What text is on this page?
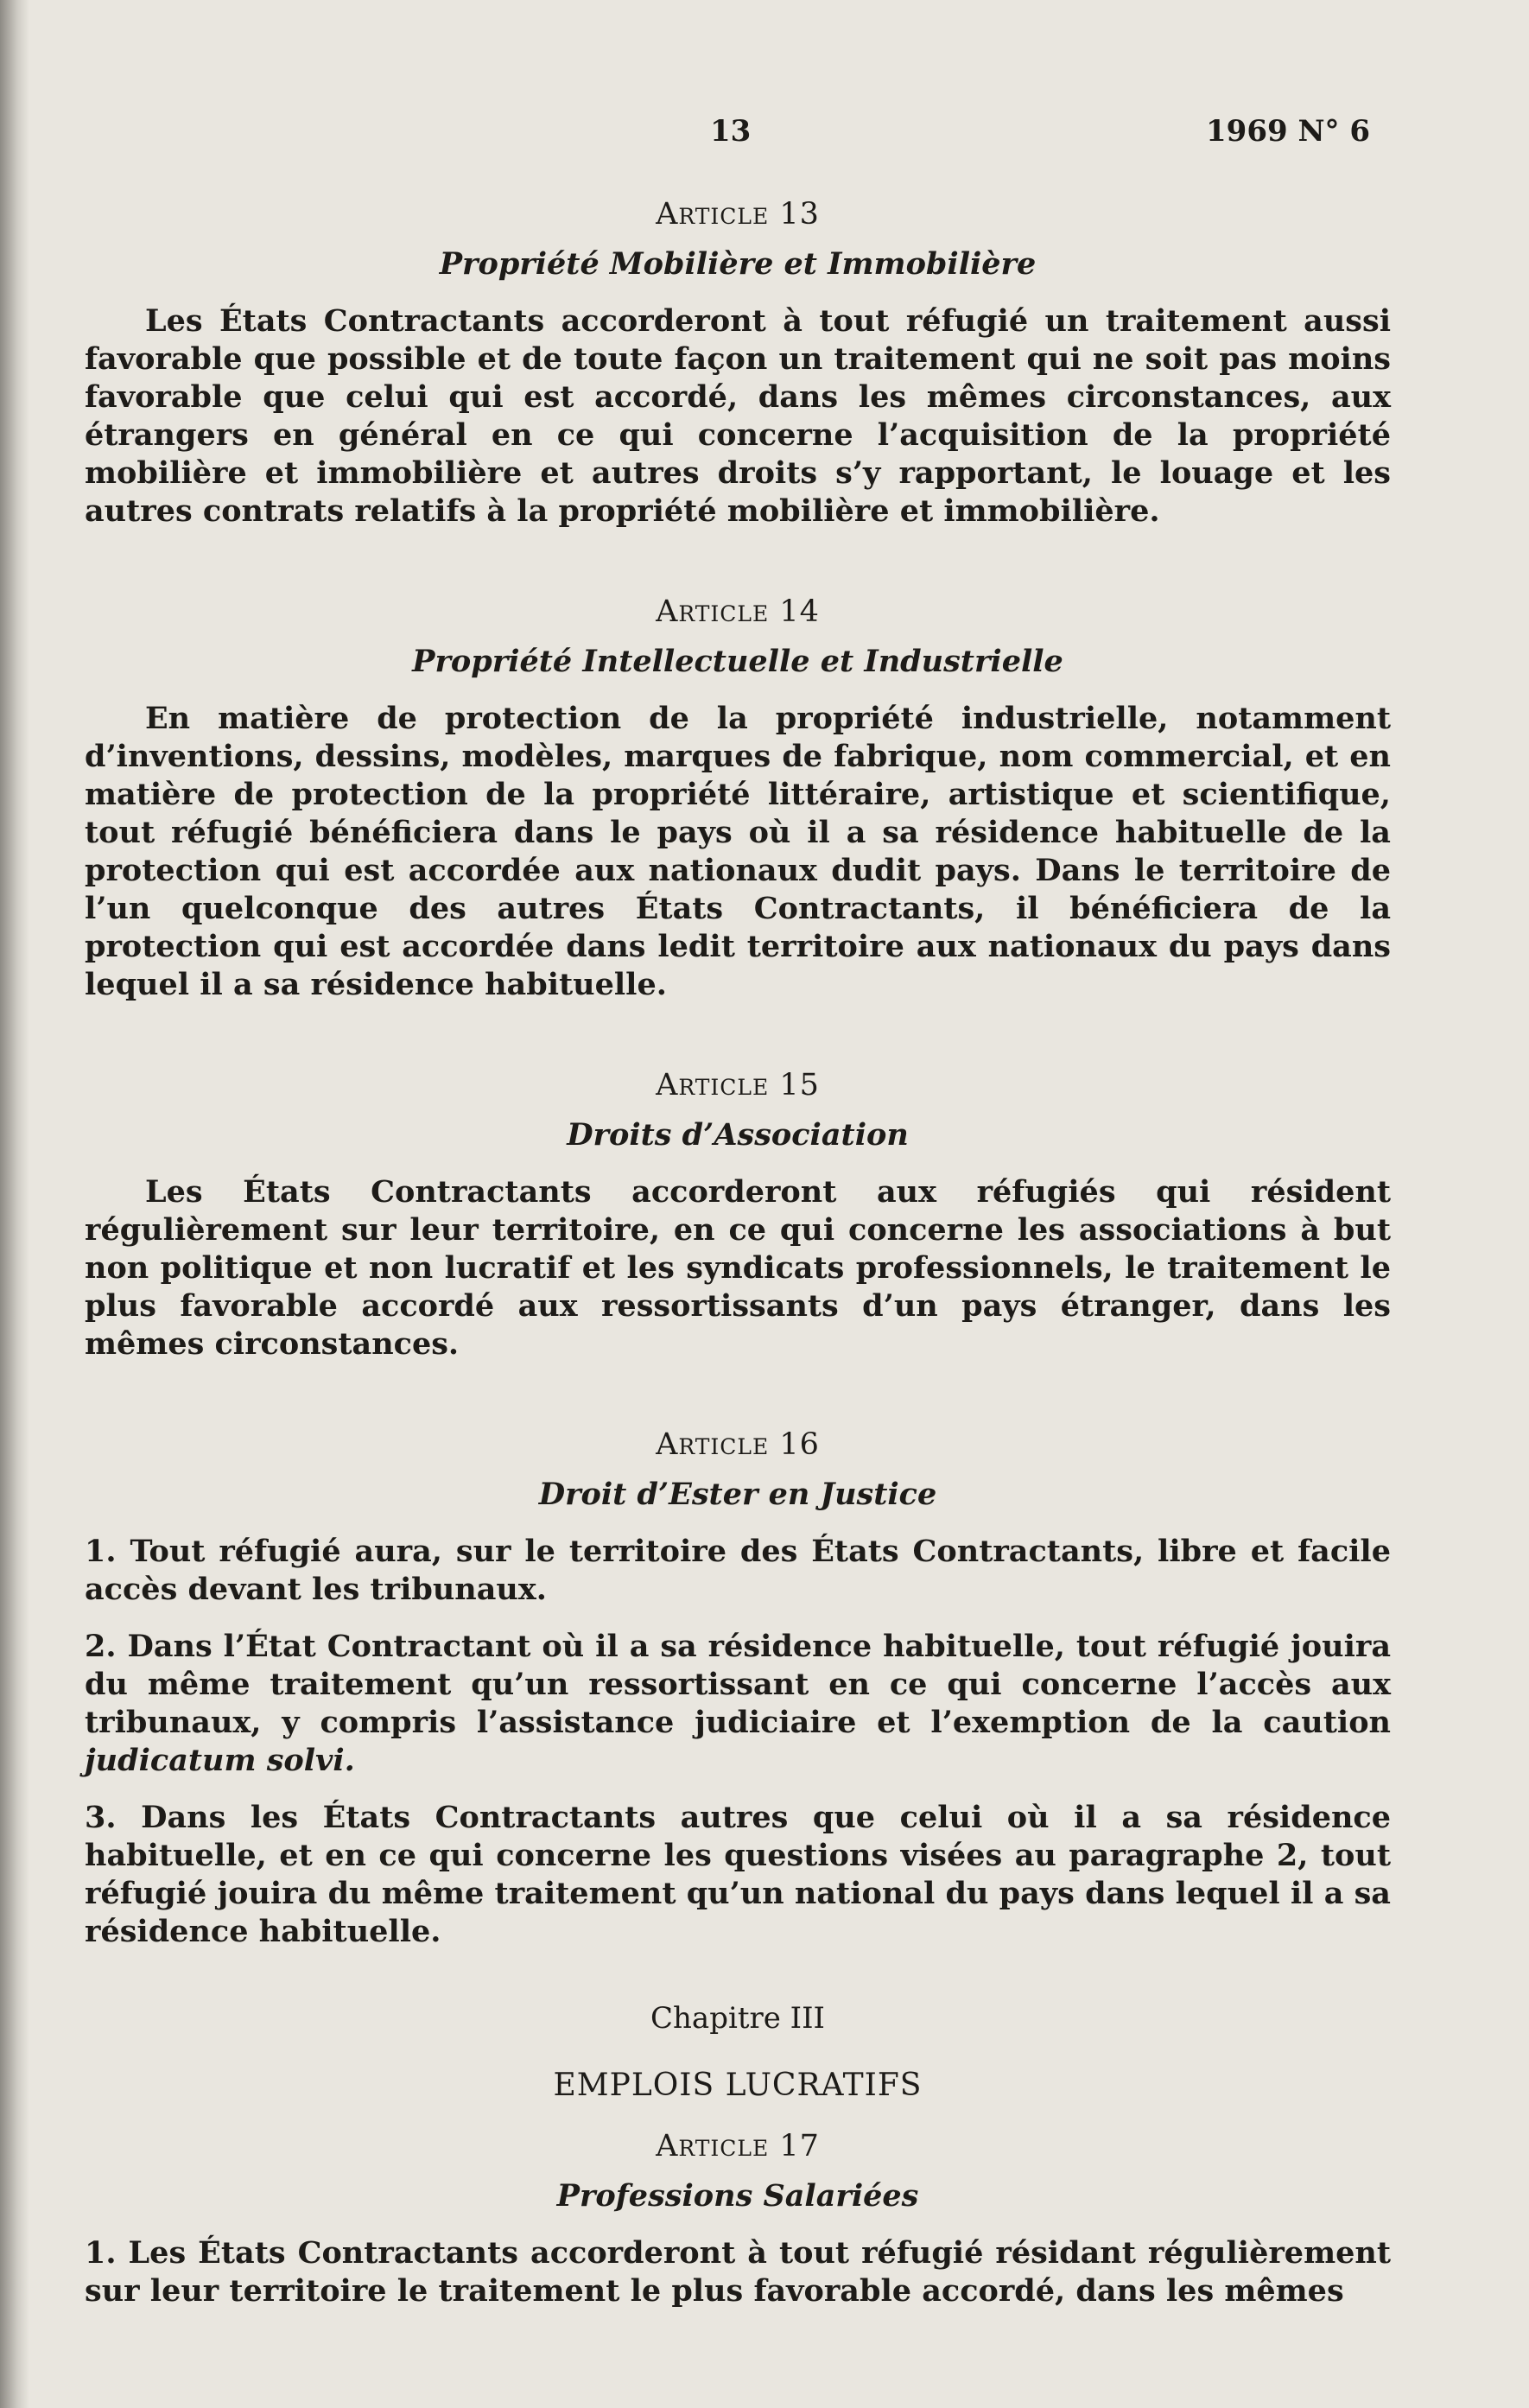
13	1969 N° 6

Article 13

Propriété Mobilière et Immobilière

Les États Contractants accorderont à tout réfugié un traitement aussi favorable que possible et de toute façon un traitement qui ne soit pas moins favorable que celui qui est accordé, dans les mêmes circonstances, aux étrangers en général en ce qui concerne l’acquisition de la propriété mobilière et immobilière et autres droits s’y rapportant, le louage et les autres contrats relatifs à la propriété mobilière et immobilière.

Article 14

Propriété Intellectuelle et Industrielle

En matière de protection de la propriété industrielle, notamment d’inventions, dessins, modèles, marques de fabrique, nom commercial, et en matière de protection de la propriété littéraire, artistique et scientifique, tout réfugié bénéficiera dans le pays où il a sa résidence habituelle de la protection qui est accordée aux nationaux dudit pays. Dans le territoire de l’un quelconque des autres États Contractants, il bénéficiera de la protection qui est accordée dans ledit territoire aux nationaux du pays dans lequel il a sa résidence habituelle.

Article 15

Droits d’Association

Les États Contractants accorderont aux réfugiés qui résident régulièrement sur leur territoire, en ce qui concerne les associations à but non politique et non lucratif et les syndicats professionnels, le traitement le plus favorable accordé aux ressortissants d’un pays étranger, dans les mêmes circonstances.

Article 16

Droit d’Ester en Justice

1. Tout réfugié aura, sur le territoire des États Contractants, libre et facile accès devant les tribunaux.

2. Dans l’État Contractant où il a sa résidence habituelle, tout réfugié jouira du même traitement qu’un ressortissant en ce qui concerne l’accès aux tribunaux, y compris l’assistance judiciaire et l’exemption de la caution judicatum solvi.

3. Dans les États Contractants autres que celui où il a sa résidence habituelle, et en ce qui concerne les questions visées au paragraphe 2, tout réfugié jouira du même traitement qu’un national du pays dans lequel il a sa résidence habituelle.

Chapitre III

EMPLOIS LUCRATIFS

Article 17

Professions Salariées

1. Les États Contractants accorderont à tout réfugié résidant régulièrement sur leur territoire le traitement le plus favorable accordé, dans les mêmes
